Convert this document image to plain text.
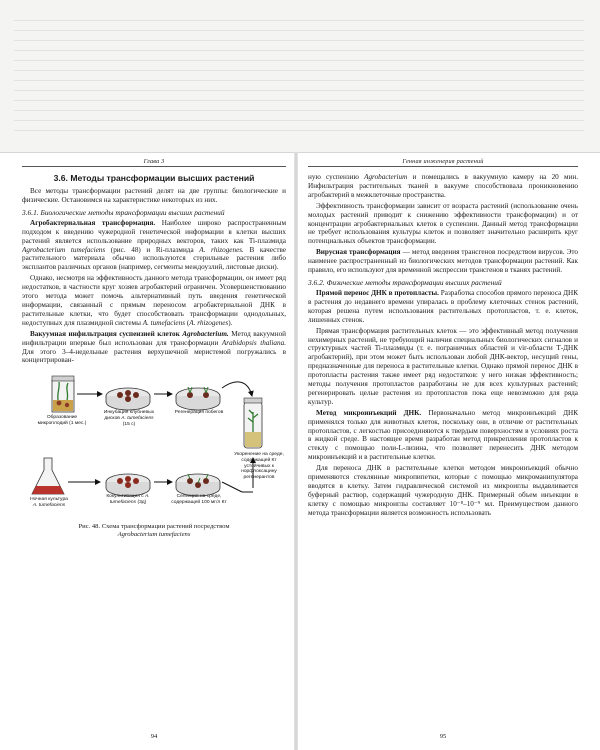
Глава 3
3.6. Методы трансформации высших растений

Все методы трансформации растений делят на две группы: биологические и физические. Остановимся на характеристике некоторых из них.

3.6.1. Биологические методы трансформации высших растений

Агробактериальная трансформация. Наиболее широко распространенным подходом к введению чужеродной генетической информации в клетки высших растений является использование природных векторов, таких как Ti-плазмида Agrobacterium tumefaciens (рис. 48) и Ri-плазмида A. rhizogenes. В качестве растительного материала обычно используются стерильные растения либо эксплантов различных органов (например, сегменты междоузлий, листовые диски).

Однако, несмотря на эффективность данного метода трансформации, он имеет ряд недостатков, в частности круг хозяев агробактерий ограничен. Усовершенствованию этого метода может помочь альтернативный путь введения генетической информации, связанный с прямым переносом агробактериальной ДНК в растительные клетки, что будет способствовать трансформации однодольных, недоступных для плазмидной системы A. tumefaciens (A. rhizogenes).

Вакуумная инфильтрация суспензией клеток Agrobacterium. Метод вакуумной инфильтрации впервые был использован для трансформации Arabidopsis thaliana. Для этого 3–4-недельные растения верхушечной меристемой погружались в концентрирован-

Образование микроплодий (1 мес.)
Инкубация клубневых дисков A. tumefaciens (15 с)
Регенерация побегов
Укоренение на среде, содержащей Кт устойчивых к норфлоксацину регенерантов
Кокультивация с A. tumefaciens (3д)
Селекция на среде, содержащей 100 мг/л Кт
Ночная культура
A. tumefaciens

Рис. 48. Схема трансформации растений посредством
Agrobacterium tumefaciens

94
Генная инженерия растений

ную суспензию Agrobacterium и помещались в вакуумную камеру на 20 мин. Инфильтрация растительных тканей в вакууме способствовала проникновению агробактерий в межклеточные пространства.

Эффективность трансформации зависит от возраста растений (использование очень молодых растений приводит к снижению эффективности трансформации) и от концентрации агробактериальных клеток в суспензии. Данный метод трансформации не требует использования культуры клеток и позволяет значительно расширить круг потенциальных объектов трансформации.

Вирусная трансформация — метод введения трансгенов посредством вирусов. Это наименее распространенный из биологических методов трансформации растений. Как правило, его используют для временной экспрессии трансгенов в тканях растений.

3.6.2. Физические методы трансформации высших растений

Прямой перенос ДНК в протопласты. Разработка способов прямого переноса ДНК в растения до недавнего времени упиралась в проблему клеточных стенок растений, которая решена путем использования растительных протопластов, т. е. клеток, лишенных стенок.

Прямая трансформация растительных клеток — это эффективный метод получения нехимерных растений, не требующий наличия специальных биологических сигналов и структурных частей Ti-плазмиды (т. е. пограничных областей и vir-области Т-ДНК агробактерий), при этом может быть использован любой ДНК-вектор, несущий гены, предназначенные для переноса в растительные клетки. Однако прямой перенос ДНК в протопласты растения также имеет ряд недостатков: у него низкая эффективность; методы получения протопластов разработаны не для всех культурных растений; регенерировать целые растения из протопластов пока еще невозможно для ряда культур.

Метод микроинъекций ДНК. Первоначально метод микроинъекций ДНК применялся только для животных клеток, поскольку они, в отличие от растительных протопластов, с легкостью присоединяются к твердым поверхностям в условиях роста в жидкой среде. В настоящее время разработан метод прикрепления протопластов к стеклу с помощью поли-L-лизина, что позволяет перенесить ДНК методом микроинъекций и в растительные клетки.

Для переноса ДНК в растительные клетки методом микроинъекций обычно применяются стеклянные микропипетки, которые с помощью микроманипулятора вводятся в клетку. Затем гидравлической системой из микроиглы выдавливается буферный раствор, содержащий чужеродную ДНК. Примерный объем инъекции в клетку с помощью микроиглы составляет 10⁻⁸–10⁻⁹ мл. Преимуществом данного метода трансформации является возможность использовать

95
